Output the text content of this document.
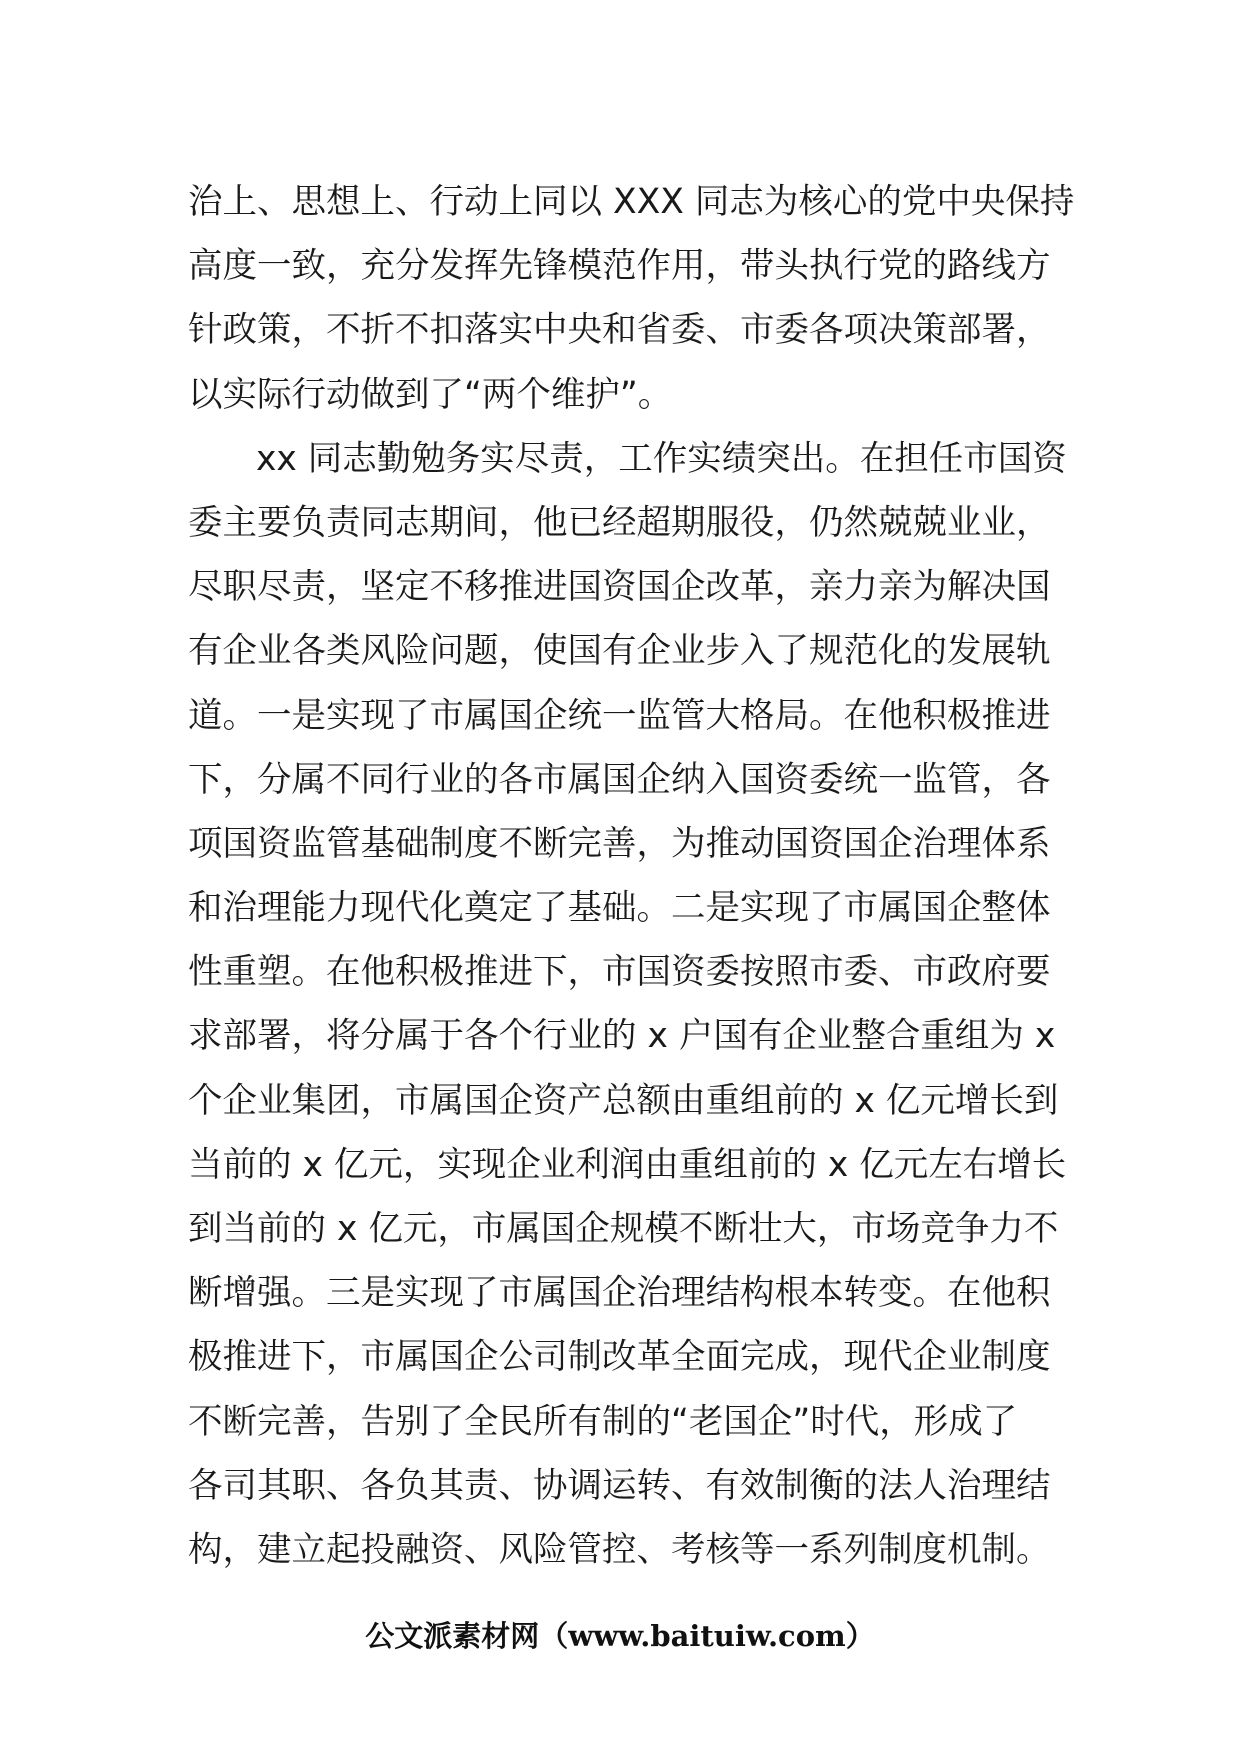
治上、思想上、行动上同以 XXX 同志为核心的党中央保持
高度一致，充分发挥先锋模范作用，带头执行党的路线方
针政策，不折不扣落实中央和省委、市委各项决策部署，
以实际行动做到了“两个维护”。
xx 同志勤勉务实尽责，工作实绩突出。在担任市国资
委主要负责同志期间，他已经超期服役，仍然兢兢业业，
尽职尽责，坚定不移推进国资国企改革，亲力亲为解决国
有企业各类风险问题，使国有企业步入了规范化的发展轨
道。一是实现了市属国企统一监管大格局。在他积极推进
下，分属不同行业的各市属国企纳入国资委统一监管，各
项国资监管基础制度不断完善，为推动国资国企治理体系
和治理能力现代化奠定了基础。二是实现了市属国企整体
性重塑。在他积极推进下，市国资委按照市委、市政府要
求部署，将分属于各个行业的 x 户国有企业整合重组为 x
个企业集团，市属国企资产总额由重组前的 x 亿元增长到
当前的 x 亿元，实现企业利润由重组前的 x 亿元左右增长
到当前的 x 亿元，市属国企规模不断壮大，市场竞争力不
断增强。三是实现了市属国企治理结构根本转变。在他积
极推进下，市属国企公司制改革全面完成，现代企业制度
不断完善，告别了全民所有制的“老国企”时代，形成了
各司其职、各负其责、协调运转、有效制衡的法人治理结
构，建立起投融资、风险管控、考核等一系列制度机制。
公文派素材网（www.baituiw.com）
